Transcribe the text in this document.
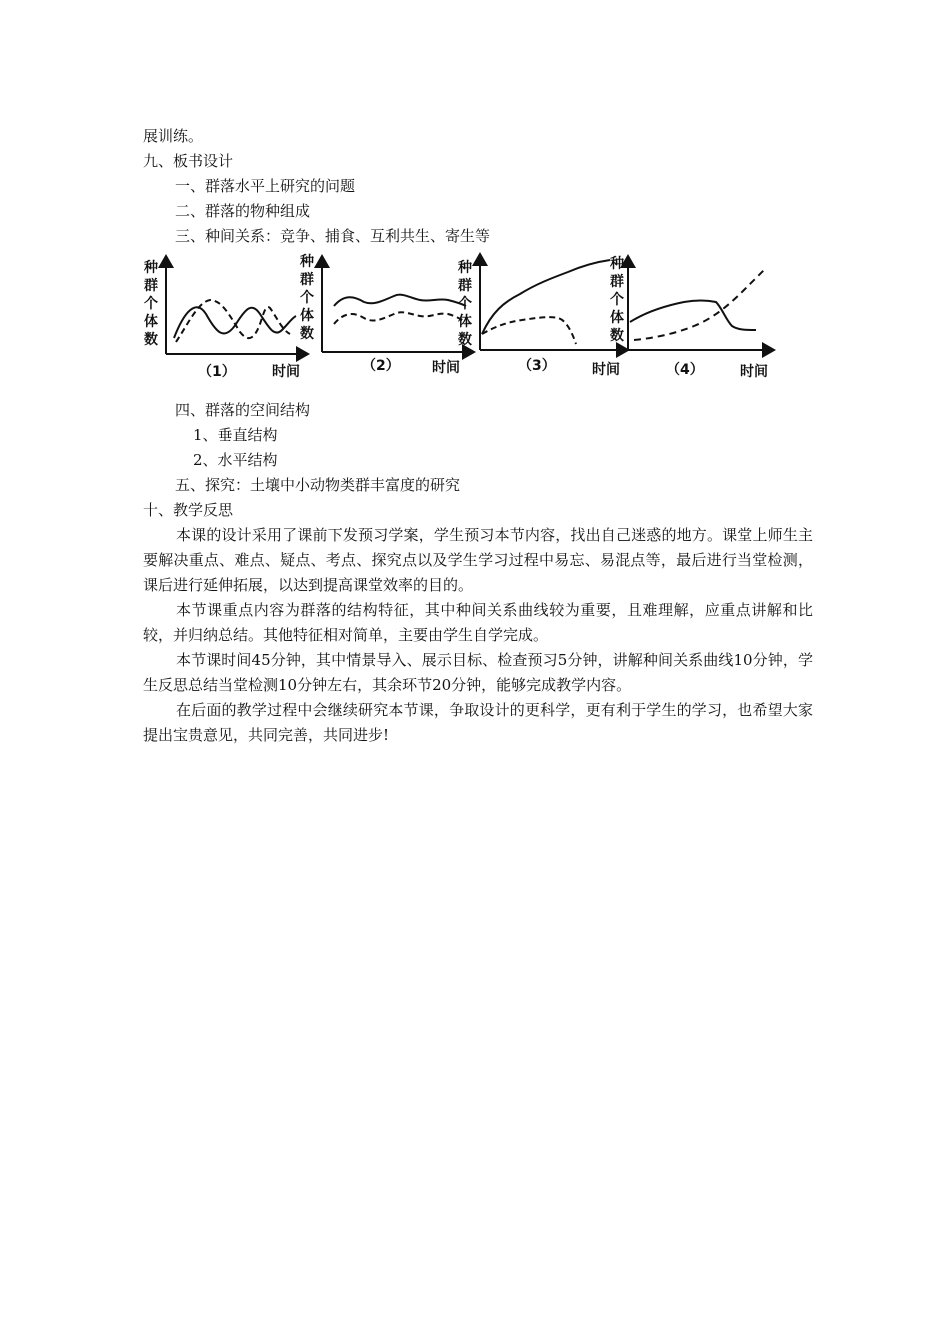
展训练。
九、板书设计
一、群落水平上研究的问题
二、群落的物种组成
三、种间关系：竞争、捕食、互利共生、寄生等
种
群
个
体
数
（1）	时间
种
群
个
体
数
（2） 时间
种
群
个
体
数
（3）	时间
种
群
个
体
数
（4）	时间
四、群落的空间结构
1、垂直结构
2、水平结构
五、探究：土壤中小动物类群丰富度的研究
十、教学反思
本课的设计采用了课前下发预习学案，学生预习本节内容，找出自己迷惑的地方。课堂上师生主要解决重点、难点、疑点、考点、探究点以及学生学习过程中易忘、易混点等，最后进行当堂检测，课后进行延伸拓展，以达到提高课堂效率的目的。
本节课重点内容为群落的结构特征，其中种间关系曲线较为重要，且难理解，应重点讲解和比较，并归纳总结。其他特征相对简单，主要由学生自学完成。
本节课时间45分钟，其中情景导入、展示目标、检查预习5分钟，讲解种间关系曲线10分钟，学生反思总结当堂检测10分钟左右，其余环节20分钟，能够完成教学内容。
在后面的教学过程中会继续研究本节课，争取设计的更科学，更有利于学生的学习，也希望大家提出宝贵意见，共同完善，共同进步!
